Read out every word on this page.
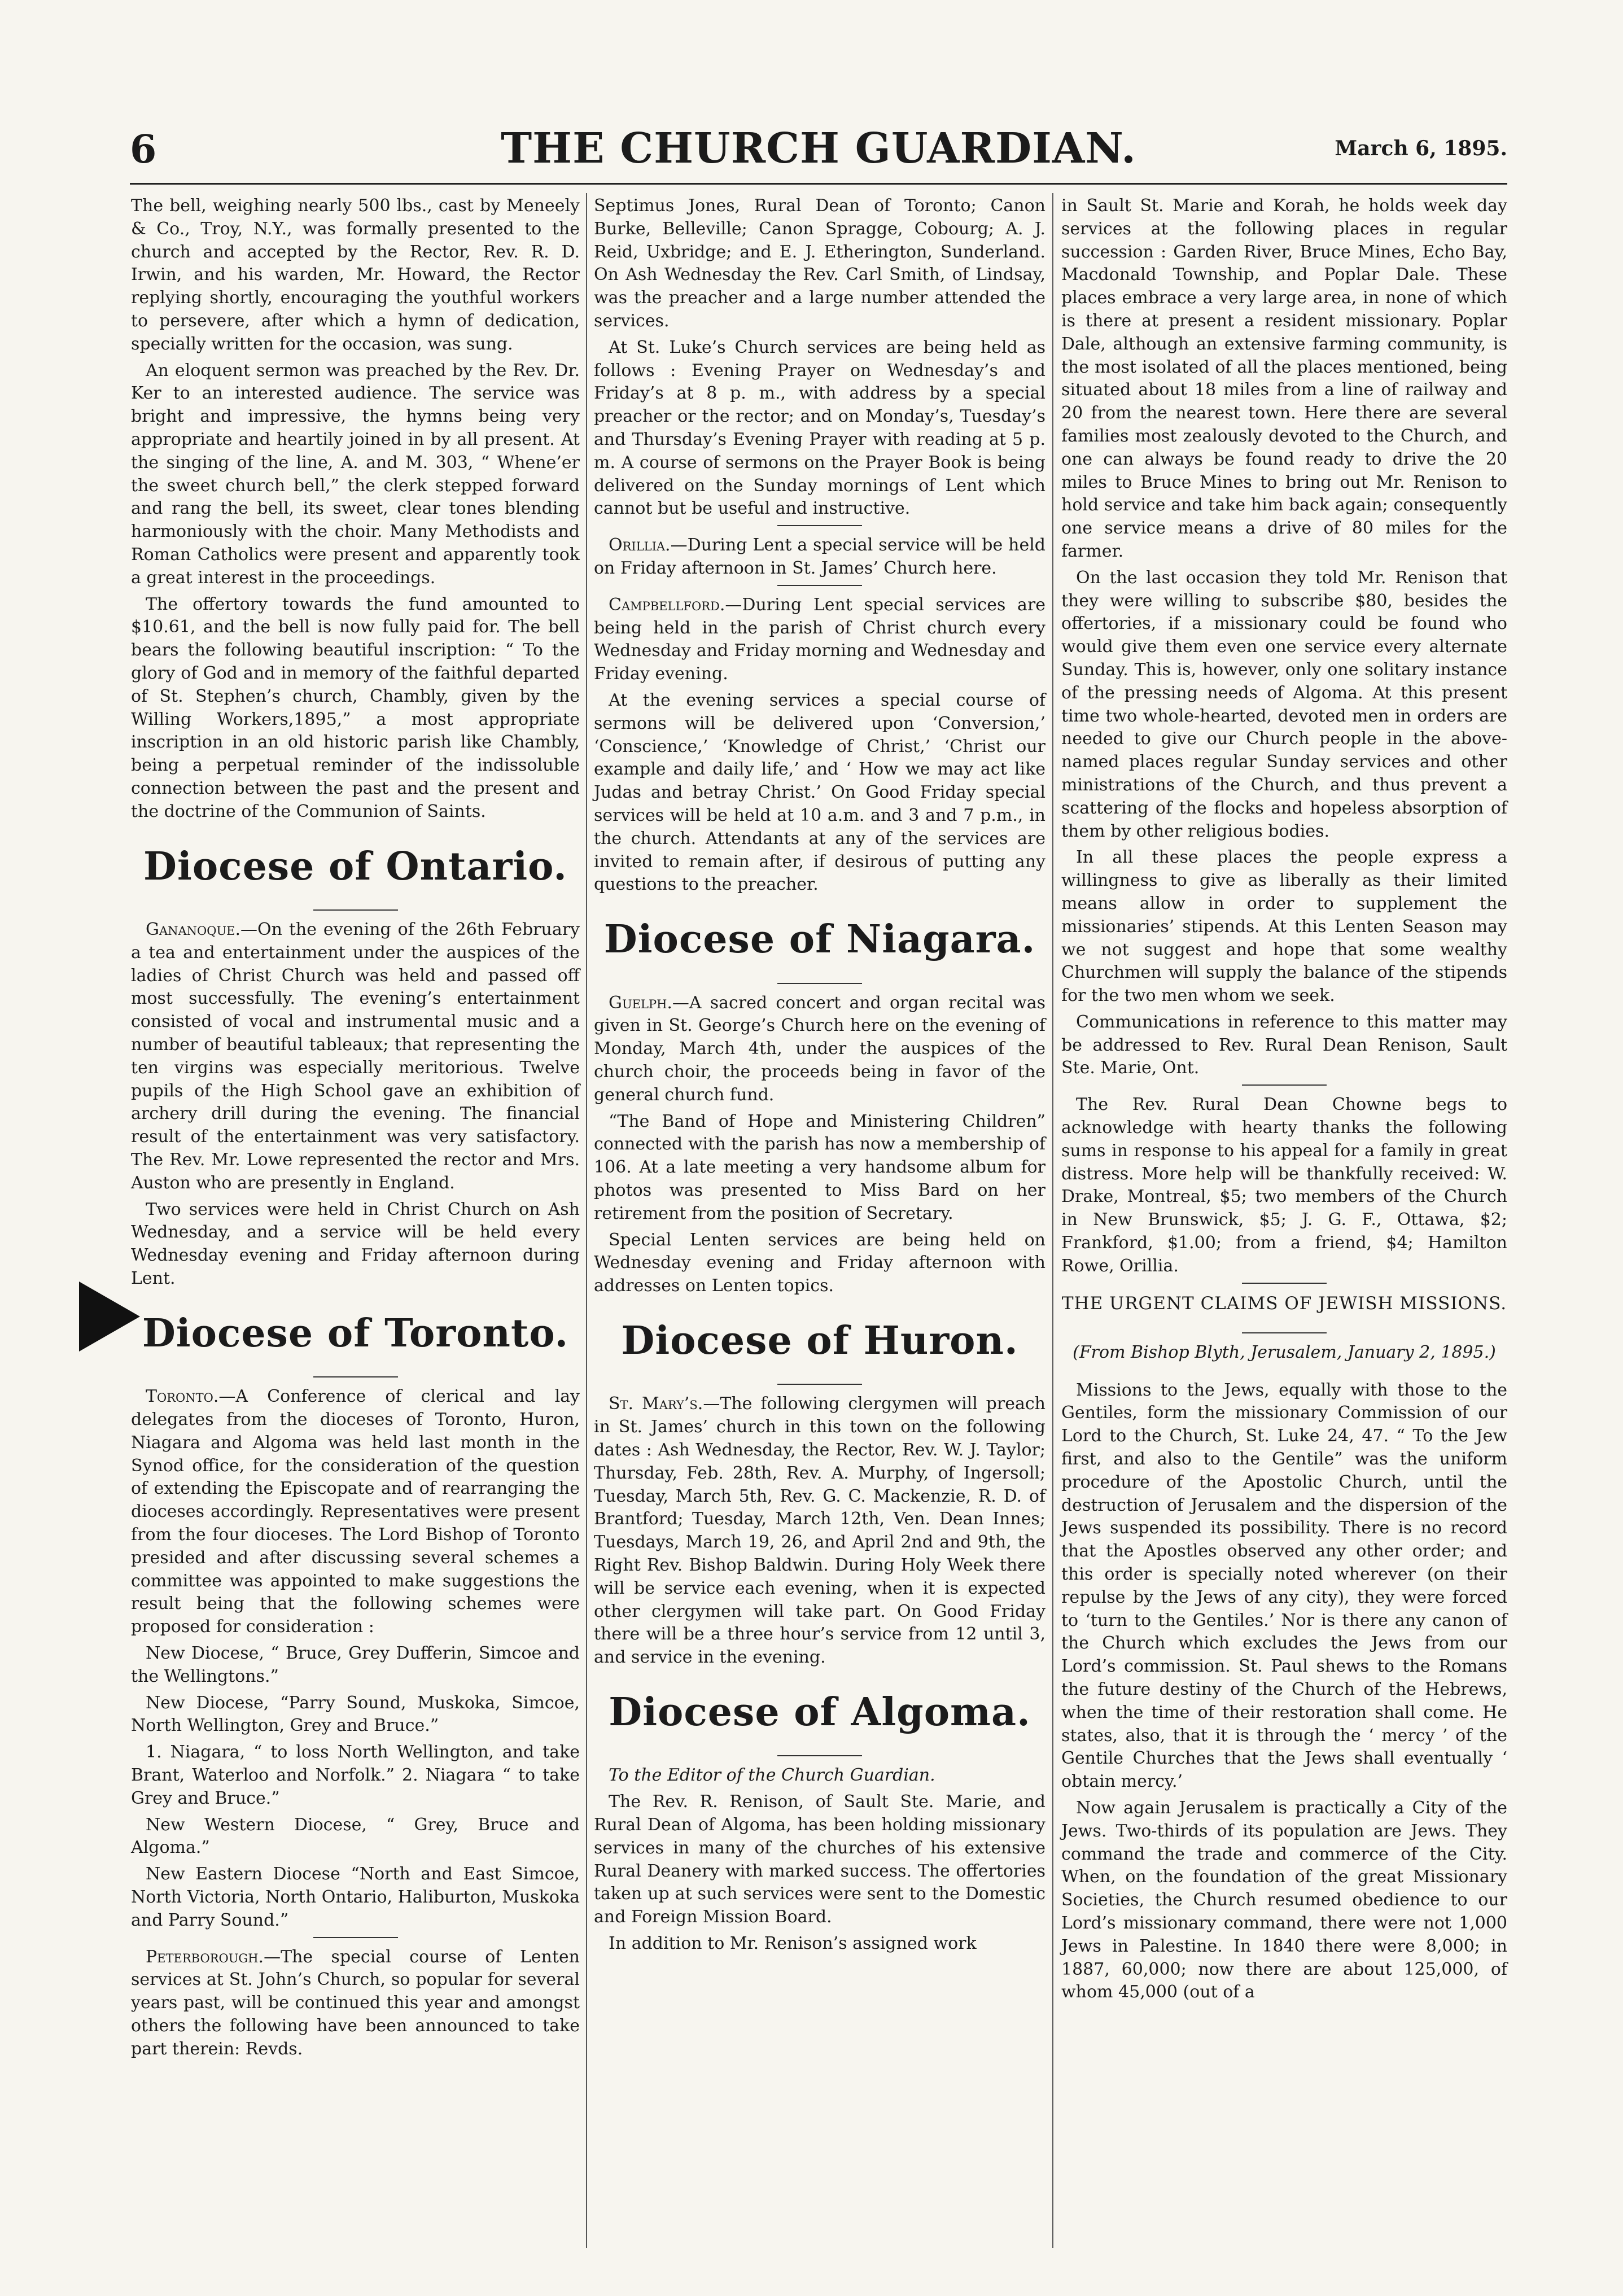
6	THE CHURCH GUARDIAN.	March 6, 1895.

The bell, weighing nearly 500 lbs., cast by Meneely & Co., Troy, N.Y., was formally presented to the church and accepted by the Rector, Rev. R. D. Irwin, and his warden, Mr. Howard, the Rector replying shortly, encouraging the youthful workers to persevere, after which a hymn of dedication, specially written for the occasion, was sung.

An eloquent sermon was preached by the Rev. Dr. Ker to an interested audience. The service was bright and impressive, the hymns being very appropriate and heartily joined in by all present. At the singing of the line, A. and M. 303, “ Whene’er the sweet church bell,” the clerk stepped forward and rang the bell, its sweet, clear tones blending harmoniously with the choir. Many Methodists and Roman Catholics were present and apparently took a great interest in the proceedings.

The offertory towards the fund amounted to $10.61, and the bell is now fully paid for. The bell bears the following beautiful inscription: “ To the glory of God and in memory of the faithful departed of St. Stephen’s church, Chambly, given by the Willing Workers,1895,” a most appropriate inscription in an old historic parish like Chambly, being a perpetual reminder of the indissoluble connection between the past and the present and the doctrine of the Communion of Saints.

Diocese of Ontario.

Gananoque.—On the evening of the 26th February a tea and entertainment under the auspices of the ladies of Christ Church was held and passed off most successfully. The evening’s entertainment consisted of vocal and instrumental music and a number of beautiful tableaux; that representing the ten virgins was especially meritorious. Twelve pupils of the High School gave an exhibition of archery drill during the evening. The financial result of the entertainment was very satisfactory. The Rev. Mr. Lowe represented the rector and Mrs. Auston who are presently in England.

Two services were held in Christ Church on Ash Wednesday, and a service will be held every Wednesday evening and Friday afternoon during Lent.

Diocese of Toronto.

Toronto.—A Conference of clerical and lay delegates from the dioceses of Toronto, Huron, Niagara and Algoma was held last month in the Synod office, for the consideration of the question of extending the Episcopate and of rearranging the dioceses accordingly. Representatives were present from the four dioceses. The Lord Bishop of Toronto presided and after discussing several schemes a committee was appointed to make suggestions the result being that the following schemes were proposed for consideration :

New Diocese, “ Bruce, Grey Dufferin, Simcoe and the Wellingtons.”

New Diocese, “Parry Sound, Muskoka, Simcoe, North Wellington, Grey and Bruce.”

1. Niagara, “ to loss North Wellington, and take Brant, Waterloo and Norfolk.” 2. Niagara “ to take Grey and Bruce.”

New Western Diocese, “ Grey, Bruce and Algoma.”

New Eastern Diocese “North and East Simcoe, North Victoria, North Ontario, Haliburton, Muskoka and Parry Sound.”

Peterborough.—The special course of Lenten services at St. John’s Church, so popular for several years past, will be continued this year and amongst others the following have been announced to take part therein: Revds.

Septimus Jones, Rural Dean of Toronto; Canon Burke, Belleville; Canon Spragge, Cobourg; A. J. Reid, Uxbridge; and E. J. Etherington, Sunderland. On Ash Wednesday the Rev. Carl Smith, of Lindsay, was the preacher and a large number attended the services.

At St. Luke’s Church services are being held as follows : Evening Prayer on Wednesday’s and Friday’s at 8 p. m., with address by a special preacher or the rector; and on Monday’s, Tuesday’s and Thursday’s Evening Prayer with reading at 5 p. m. A course of sermons on the Prayer Book is being delivered on the Sunday mornings of Lent which cannot but be useful and instructive.

Orillia.—During Lent a special service will be held on Friday afternoon in St. James’ Church here.

Campbellford.—During Lent special services are being held in the parish of Christ church every Wednesday and Friday morning and Wednesday and Friday evening.

At the evening services a special course of sermons will be delivered upon ‘Conversion,’ ‘Conscience,’ ‘Knowledge of Christ,’ ‘Christ our example and daily life,’ and ‘ How we may act like Judas and betray Christ.’ On Good Friday special services will be held at 10 a.m. and 3 and 7 p.m., in the church. Attendants at any of the services are invited to remain after, if desirous of putting any questions to the preacher.

Diocese of Niagara.

Guelph.—A sacred concert and organ recital was given in St. George’s Church here on the evening of Monday, March 4th, under the auspices of the church choir, the proceeds being in favor of the general church fund.

“The Band of Hope and Ministering Children” connected with the parish has now a membership of 106. At a late meeting a very handsome album for photos was presented to Miss Bard on her retirement from the position of Secretary.

Special Lenten services are being held on Wednesday evening and Friday afternoon with addresses on Lenten topics.

Diocese of Huron.

St. Mary’s.—The following clergymen will preach in St. James’ church in this town on the following dates : Ash Wednesday, the Rector, Rev. W. J. Taylor; Thursday, Feb. 28th, Rev. A. Murphy, of Ingersoll; Tuesday, March 5th, Rev. G. C. Mackenzie, R. D. of Brantford; Tuesday, March 12th, Ven. Dean Innes; Tuesdays, March 19, 26, and April 2nd and 9th, the Right Rev. Bishop Baldwin. During Holy Week there will be service each evening, when it is expected other clergymen will take part. On Good Friday there will be a three hour’s service from 12 until 3, and service in the evening.

Diocese of Algoma.

To the Editor of the Church Guardian.

The Rev. R. Renison, of Sault Ste. Marie, and Rural Dean of Algoma, has been holding missionary services in many of the churches of his extensive Rural Deanery with marked success. The offertories taken up at such services were sent to the Domestic and Foreign Mission Board.

In addition to Mr. Renison’s assigned work

in Sault St. Marie and Korah, he holds week day services at the following places in regular succession : Garden River, Bruce Mines, Echo Bay, Macdonald Township, and Poplar Dale. These places embrace a very large area, in none of which is there at present a resident missionary. Poplar Dale, although an extensive farming community, is the most isolated of all the places mentioned, being situated about 18 miles from a line of railway and 20 from the nearest town. Here there are several families most zealously devoted to the Church, and one can always be found ready to drive the 20 miles to Bruce Mines to bring out Mr. Renison to hold service and take him back again; consequently one service means a drive of 80 miles for the farmer.

On the last occasion they told Mr. Renison that they were willing to subscribe $80, besides the offertories, if a missionary could be found who would give them even one service every alternate Sunday. This is, however, only one solitary instance of the pressing needs of Algoma. At this present time two whole-hearted, devoted men in orders are needed to give our Church people in the above-named places regular Sunday services and other ministrations of the Church, and thus prevent a scattering of the flocks and hopeless absorption of them by other religious bodies.

In all these places the people express a willingness to give as liberally as their limited means allow in order to supplement the missionaries’ stipends. At this Lenten Season may we not suggest and hope that some wealthy Churchmen will supply the balance of the stipends for the two men whom we seek.

Communications in reference to this matter may be addressed to Rev. Rural Dean Renison, Sault Ste. Marie, Ont.

The Rev. Rural Dean Chowne begs to acknowledge with hearty thanks the following sums in response to his appeal for a family in great distress. More help will be thankfully received: W. Drake, Montreal, $5; two members of the Church in New Brunswick, $5; J. G. F., Ottawa, $2; Frankford, $1.00; from a friend, $4; Hamilton Rowe, Orillia.

THE URGENT CLAIMS OF JEWISH MISSIONS.
(From Bishop Blyth, Jerusalem, January 2, 1895.)

Missions to the Jews, equally with those to the Gentiles, form the missionary Commission of our Lord to the Church, St. Luke 24, 47. “ To the Jew first, and also to the Gentile” was the uniform procedure of the Apostolic Church, until the destruction of Jerusalem and the dispersion of the Jews suspended its possibility. There is no record that the Apostles observed any other order; and this order is specially noted wherever (on their repulse by the Jews of any city), they were forced to ‘turn to the Gentiles.’ Nor is there any canon of the Church which excludes the Jews from our Lord’s commission. St. Paul shews to the Romans the future destiny of the Church of the Hebrews, when the time of their restoration shall come. He states, also, that it is through the ‘ mercy ’ of the Gentile Churches that the Jews shall eventually ‘ obtain mercy.’

Now again Jerusalem is practically a City of the Jews. Two-thirds of its population are Jews. They command the trade and commerce of the City. When, on the foundation of the great Missionary Societies, the Church resumed obedience to our Lord’s missionary command, there were not 1,000 Jews in Palestine. In 1840 there were 8,000; in 1887, 60,000; now there are about 125,000, of whom 45,000 (out of a
